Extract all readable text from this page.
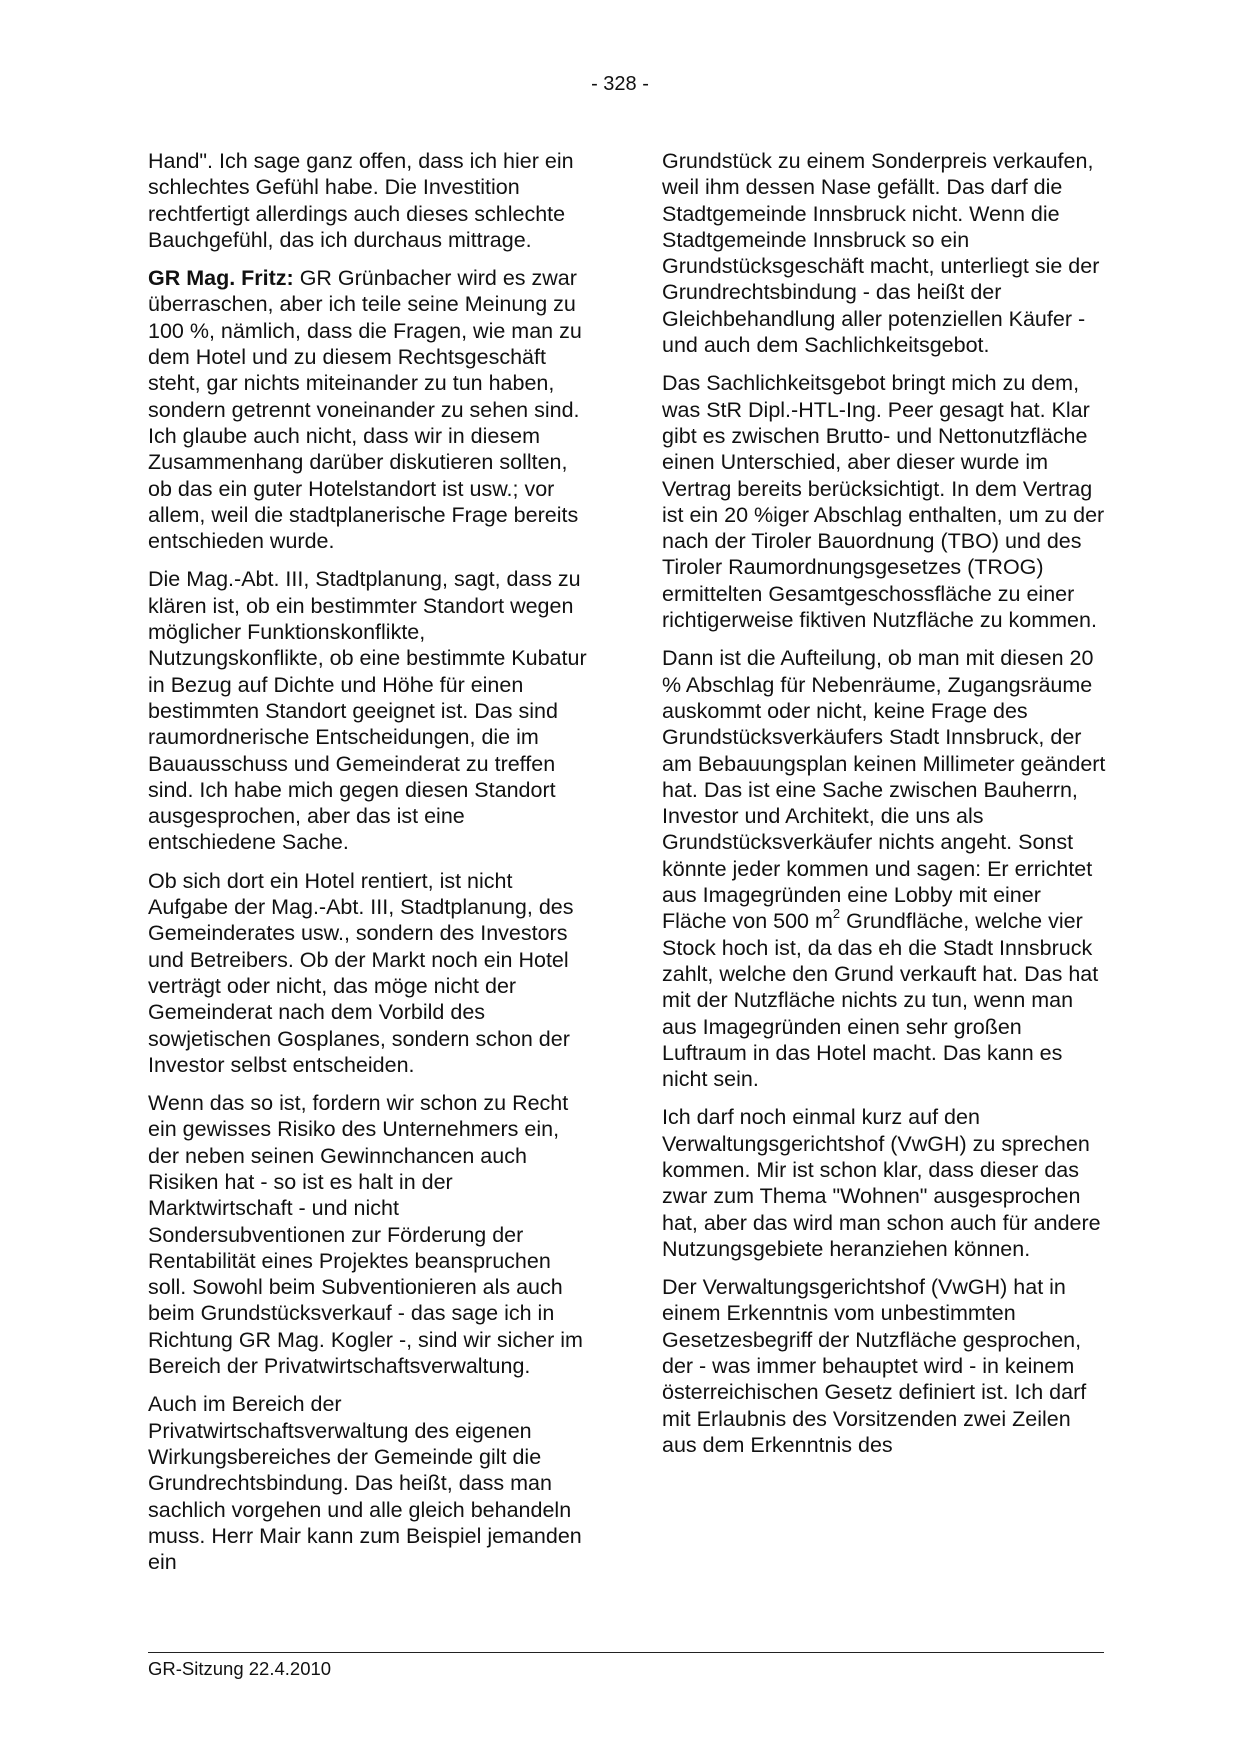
- 328 -

Hand". Ich sage ganz offen, dass ich hier ein schlechtes Gefühl habe. Die Investition rechtfertigt allerdings auch dieses schlechte Bauchgefühl, das ich durchaus mittrage.

GR Mag. Fritz: GR Grünbacher wird es zwar überraschen, aber ich teile seine Meinung zu 100 %, nämlich, dass die Fragen, wie man zu dem Hotel und zu diesem Rechtsgeschäft steht, gar nichts miteinander zu tun haben, sondern getrennt voneinander zu sehen sind. Ich glaube auch nicht, dass wir in diesem Zusammenhang darüber diskutieren sollten, ob das ein guter Hotelstandort ist usw.; vor allem, weil die stadtplanerische Frage bereits entschieden wurde.

Die Mag.-Abt. III, Stadtplanung, sagt, dass zu klären ist, ob ein bestimmter Standort wegen möglicher Funktionskonflikte, Nutzungskonflikte, ob eine bestimmte Kubatur in Bezug auf Dichte und Höhe für einen bestimmten Standort geeignet ist. Das sind raumordnerische Entscheidungen, die im Bauausschuss und Gemeinderat zu treffen sind. Ich habe mich gegen diesen Standort ausgesprochen, aber das ist eine entschiedene Sache.

Ob sich dort ein Hotel rentiert, ist nicht Aufgabe der Mag.-Abt. III, Stadtplanung, des Gemeinderates usw., sondern des Investors und Betreibers. Ob der Markt noch ein Hotel verträgt oder nicht, das möge nicht der Gemeinderat nach dem Vorbild des sowjetischen Gosplanes, sondern schon der Investor selbst entscheiden.

Wenn das so ist, fordern wir schon zu Recht ein gewisses Risiko des Unternehmers ein, der neben seinen Gewinnchancen auch Risiken hat - so ist es halt in der Marktwirtschaft - und nicht Sondersubventionen zur Förderung der Rentabilität eines Projektes beanspruchen soll. Sowohl beim Subventionieren als auch beim Grundstücksverkauf - das sage ich in Richtung GR Mag. Kogler -, sind wir sicher im Bereich der Privatwirtschaftsverwaltung.

Auch im Bereich der Privatwirtschaftsverwaltung des eigenen Wirkungsbereiches der Gemeinde gilt die Grundrechtsbindung. Das heißt, dass man sachlich vorgehen und alle gleich behandeln muss. Herr Mair kann zum Beispiel jemanden ein

Grundstück zu einem Sonderpreis verkaufen, weil ihm dessen Nase gefällt. Das darf die Stadtgemeinde Innsbruck nicht. Wenn die Stadtgemeinde Innsbruck so ein Grundstücksgeschäft macht, unterliegt sie der Grundrechtsbindung - das heißt der Gleichbehandlung aller potenziellen Käufer - und auch dem Sachlichkeitsgebot.

Das Sachlichkeitsgebot bringt mich zu dem, was StR Dipl.-HTL-Ing. Peer gesagt hat. Klar gibt es zwischen Brutto- und Nettonutzfläche einen Unterschied, aber dieser wurde im Vertrag bereits berücksichtigt. In dem Vertrag ist ein 20 %iger Abschlag enthalten, um zu der nach der Tiroler Bauordnung (TBO) und des Tiroler Raumordnungsgesetzes (TROG) ermittelten Gesamtgeschossfläche zu einer richtigerweise fiktiven Nutzfläche zu kommen.

Dann ist die Aufteilung, ob man mit diesen 20 % Abschlag für Nebenräume, Zugangsräume auskommt oder nicht, keine Frage des Grundstücksverkäufers Stadt Innsbruck, der am Bebauungsplan keinen Millimeter geändert hat. Das ist eine Sache zwischen Bauherrn, Investor und Architekt, die uns als Grundstücksverkäufer nichts angeht. Sonst könnte jeder kommen und sagen: Er errichtet aus Imagegründen eine Lobby mit einer Fläche von 500 $m^2$ Grundfläche, welche vier Stock hoch ist, da das eh die Stadt Innsbruck zahlt, welche den Grund verkauft hat. Das hat mit der Nutzfläche nichts zu tun, wenn man aus Imagegründen einen sehr großen Luftraum in das Hotel macht. Das kann es nicht sein.

Ich darf noch einmal kurz auf den Verwaltungsgerichtshof (VwGH) zu sprechen kommen. Mir ist schon klar, dass dieser das zwar zum Thema "Wohnen" ausgesprochen hat, aber das wird man schon auch für andere Nutzungsgebiete heranziehen können.

Der Verwaltungsgerichtshof (VwGH) hat in einem Erkenntnis vom unbestimmten Gesetzesbegriff der Nutzfläche gesprochen, der - was immer behauptet wird - in keinem österreichischen Gesetz definiert ist. Ich darf mit Erlaubnis des Vorsitzenden zwei Zeilen aus dem Erkenntnis des

GR-Sitzung 22.4.2010
